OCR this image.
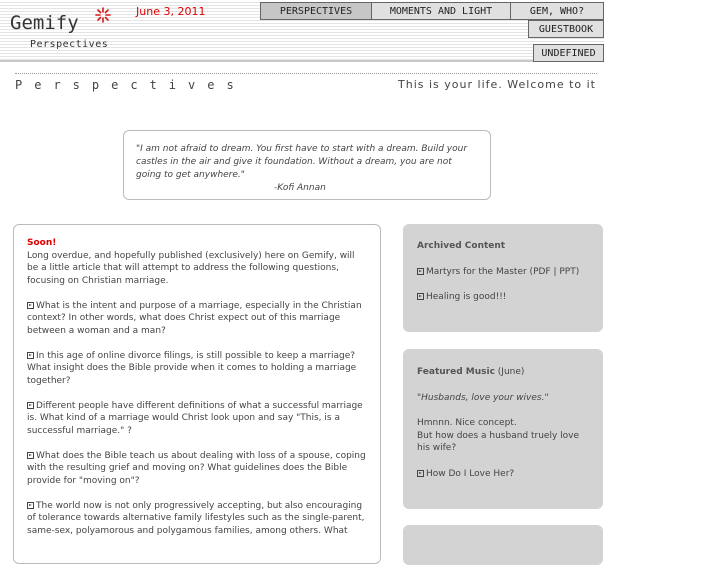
Gemify
Perspectives
June 3, 2011	PERSPECTIVES	MOMENTS AND LIGHT	GEM, WHO?
GUESTBOOK
UNDEFINED
Perspectives	This is your life. Welcome to it
"I am not afraid to dream. You first have to start with a dream. Build your castles in the air and give it foundation. Without a dream, you are not going to get anywhere."
-Kofi Annan
Soon!

Long overdue, and hopefully published (exclusively) here on Gemify, will be a little article that will attempt to address the following questions, focusing on Christian marriage.

What is the intent and purpose of a marriage, especially in the Christian context? In other words, what does Christ expect out of this marriage between a woman and a man?

In this age of online divorce filings, is still possible to keep a marriage? What insight does the Bible provide when it comes to holding a marriage together?

Different people have different definitions of what a successful marriage is. What kind of a marriage would Christ look upon and say "This, is a successful marriage." ?

What does the Bible teach us about dealing with loss of a spouse, coping with the resulting grief and moving on? What guidelines does the Bible provide for "moving on"?

The world now is not only progressively accepting, but also encouraging of tolerance towards alternative family lifestyles such as the single-parent, same-sex, polyamorous and polygamous families, among others. What

Archived Content
Martyrs for the Master (PDF | PPT)
Healing is good!!!
Featured Music (June)
"Husbands, love your wives."
Hmnnn. Nice concept.
But how does a husband truely love his wife?
How Do I Love Her?
